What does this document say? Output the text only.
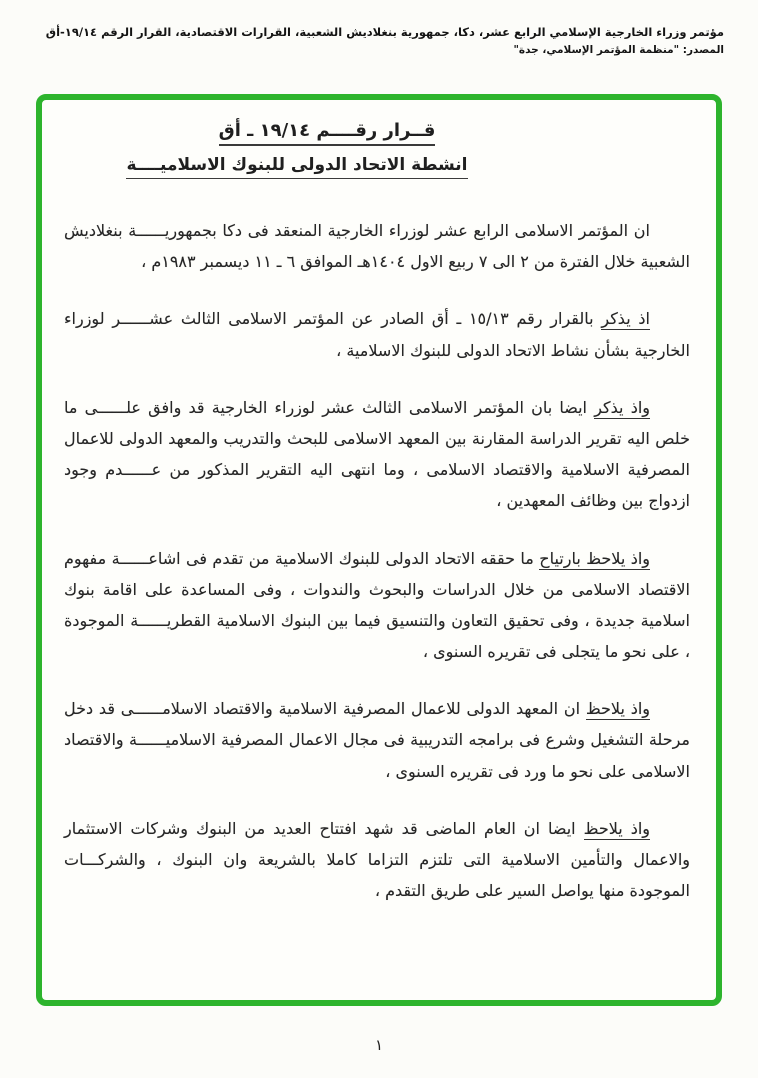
مؤتمر وزراء الخارجية الإسلامي الرابع عشر، دكا، جمهورية بنغلاديش الشعبية، القرارات الاقتصادية، القرار الرقم ١٩/١٤-أق
المصدر: "منظمة المؤتمر الإسلامي، جدة"
قــرار رقــــم ١٩/١٤ ـ أق
انشطة الاتحاد الدولى للبنوك الاسلاميــــة

ان المؤتمر الاسلامى الرابع عشر لوزراء الخارجية المنعقد فى دكا بجمهوريــــــة بنغلاديش الشعبية خلال الفترة من ٢ الى ٧ ربيع الاول ١٤٠٤هـ الموافق ٦ ـ ١١ ديسمبر ١٩٨٣م ،

اذ يذكر بالقرار رقم ١٥/١٣ ـ أق الصادر عن المؤتمر الاسلامى الثالث عشــــــر لوزراء الخارجية بشأن نشاط الاتحاد الدولى للبنوك الاسلامية ،

واذ يذكر ايضا بان المؤتمر الاسلامى الثالث عشر لوزراء الخارجية قد وافق علــــــى ما خلص اليه تقرير الدراسة المقارنة بين المعهد الاسلامى للبحث والتدريب والمعهد الدولى للاعمال المصرفية الاسلامية والاقتصاد الاسلامى ، وما انتهى اليه التقرير المذكور من عــــــدم وجود ازدواج بين وظائف المعهدين ،

واذ يلاحظ بارتياح ما حققه الاتحاد الدولى للبنوك الاسلامية من تقدم فى اشاعــــــة مفهوم الاقتصاد الاسلامى من خلال الدراسات والبحوث والندوات ، وفى المساعدة على اقامة بنوك اسلامية جديدة ، وفى تحقيق التعاون والتنسيق فيما بين البنوك الاسلامية القطريــــــة الموجودة ، على نحو ما يتجلى فى تقريره السنوى ،

واذ يلاحظ ان المعهد الدولى للاعمال المصرفية الاسلامية والاقتصاد الاسلامــــــى قد دخل مرحلة التشغيل وشرع فى برامجه التدريبية فى مجال الاعمال المصرفية الاسلاميــــــة والاقتصاد الاسلامى على نحو ما ورد فى تقريره السنوى ،

واذ يلاحظ ايضا ان العام الماضى قد شهد افتتاح العديد من البنوك وشركات الاستثمار والاعمال والتأمين الاسلامية التى تلتزم التزاما كاملا بالشريعة وان البنوك ، والشركـــات الموجودة منها يواصل السير على طريق التقدم ،

١
